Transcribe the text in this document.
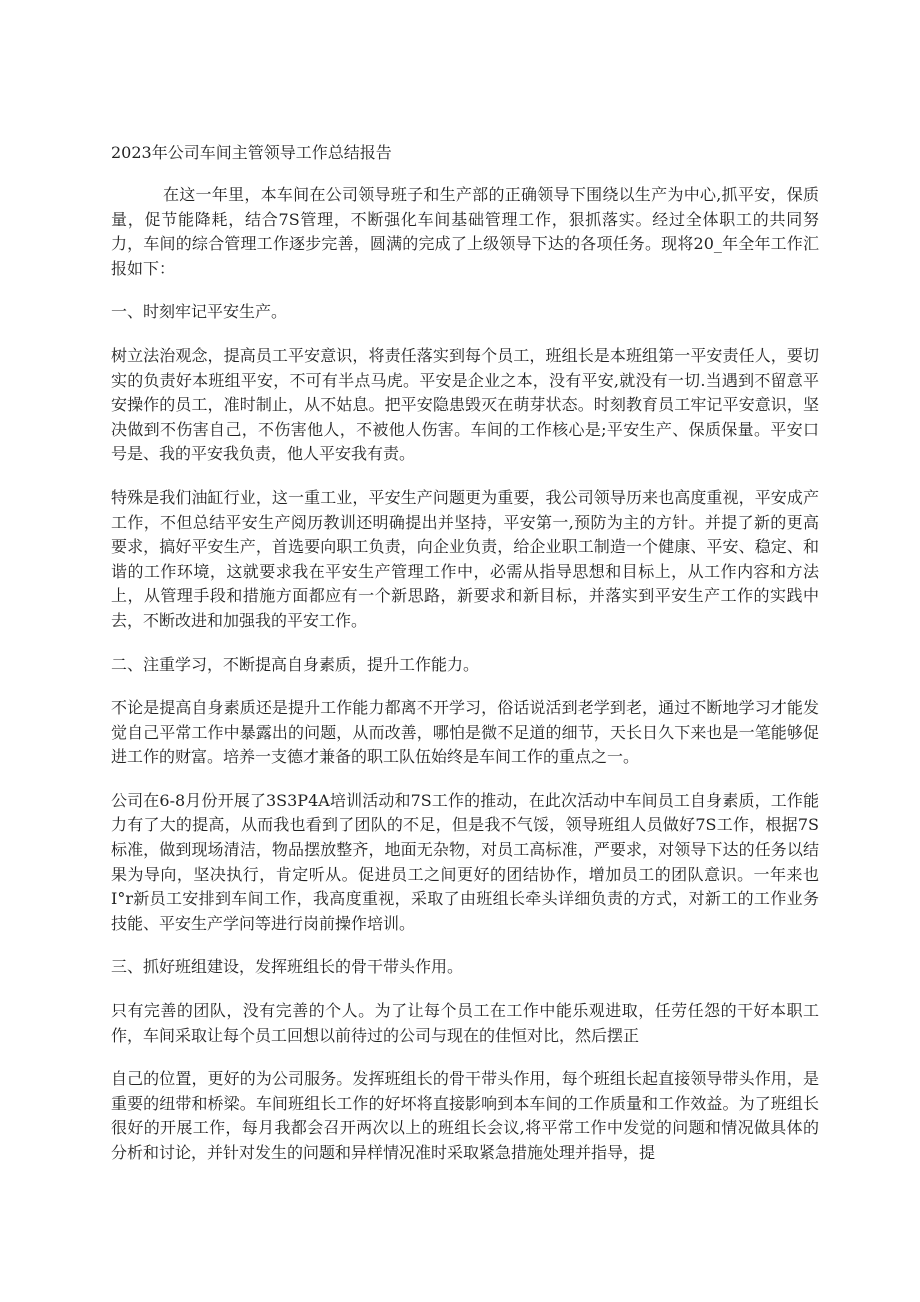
2023年公司车间主管领导工作总结报告

在这一年里，本车间在公司领导班子和生产部的正确领导下围绕以生产为中心,抓平安，保质量，促节能降耗，结合7S管理，不断强化车间基础管理工作，狠抓落实。经过全体职工的共同努力，车间的综合管理工作逐步完善，圆满的完成了上级领导下达的各项任务。现将20_年全年工作汇报如下：

一、时刻牢记平安生产。

树立法治观念，提高员工平安意识，将责任落实到每个员工，班组长是本班组第一平安责任人，要切实的负责好本班组平安，不可有半点马虎。平安是企业之本，没有平安,就没有一切.当遇到不留意平安操作的员工，准时制止，从不姑息。把平安隐患毁灭在萌芽状态。时刻教育员工牢记平安意识，坚决做到不伤害自己，不伤害他人，不被他人伤害。车间的工作核心是;平安生产、保质保量。平安口号是、我的平安我负责，他人平安我有责。

特殊是我们油缸行业，这一重工业，平安生产问题更为重要，我公司领导历来也高度重视，平安成产工作，不但总结平安生产阅历教训还明确提出并坚持，平安第一,预防为主的方针。并提了新的更高要求，搞好平安生产，首选要向职工负责，向企业负责，给企业职工制造一个健康、平安、稳定、和谐的工作环境，这就要求我在平安生产管理工作中，必需从指导思想和目标上，从工作内容和方法上，从管理手段和措施方面都应有一个新思路，新要求和新目标，并落实到平安生产工作的实践中去，不断改进和加强我的平安工作。

二、注重学习，不断提高自身素质，提升工作能力。

不论是提高自身素质还是提升工作能力都离不开学习，俗话说活到老学到老，通过不断地学习才能发觉自己平常工作中暴露出的问题，从而改善，哪怕是微不足道的细节，天长日久下来也是一笔能够促进工作的财富。培养一支德才兼备的职工队伍始终是车间工作的重点之一。

公司在6-8月份开展了3S3P4A培训活动和7S工作的推动，在此次活动中车间员工自身素质，工作能力有了大的提高，从而我也看到了团队的不足，但是我不气馁，领导班组人员做好7S工作，根据7S标准，做到现场清洁，物品摆放整齐，地面无杂物，对员工高标准，严要求，对领导下达的任务以结果为导向，坚决执行，肯定听从。促进员工之间更好的团结协作，增加员工的团队意识。一年来也I°r新员工安排到车间工作，我高度重视，采取了由班组长牵头详细负责的方式，对新工的工作业务技能、平安生产学问等进行岗前操作培训。

三、抓好班组建设，发挥班组长的骨干带头作用。

只有完善的团队，没有完善的个人。为了让每个员工在工作中能乐观进取，任劳任怨的干好本职工作，车间采取让每个员工回想以前待过的公司与现在的佳恒对比，然后摆正

自己的位置，更好的为公司服务。发挥班组长的骨干带头作用，每个班组长起直接领导带头作用，是重要的纽带和桥梁。车间班组长工作的好坏将直接影响到本车间的工作质量和工作效益。为了班组长很好的开展工作，每月我都会召开两次以上的班组长会议,将平常工作中发觉的问题和情况做具体的分析和讨论，并针对发生的问题和异样情况准时采取紧急措施处理并指导，提
